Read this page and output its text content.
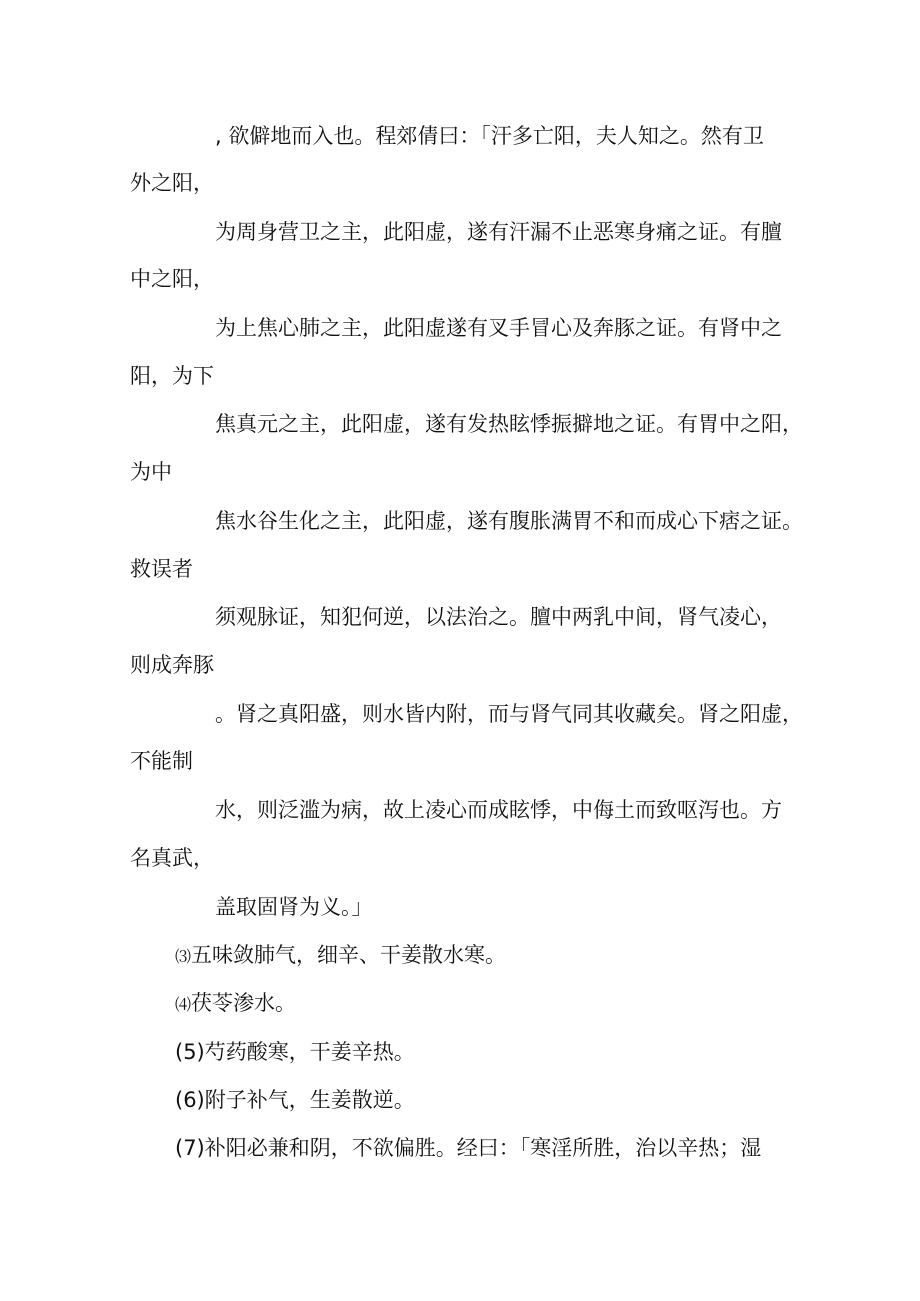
, 欲僻地而入也。程郊倩曰：「汗多亡阳，夫人知之。然有卫

外之阳，

为周身营卫之主，此阳虚，遂有汗漏不止恶寒身痛之证。有膻

中之阳，

为上焦心肺之主，此阳虚遂有叉手冒心及奔豚之证。有肾中之

阳，为下

焦真元之主，此阳虚，遂有发热眩悸振擗地之证。有胃中之阳，

为中

焦水谷生化之主，此阳虚，遂有腹胀满胃不和而成心下痞之证。

救误者

须观脉证，知犯何逆，以法治之。膻中两乳中间，肾气凌心，

则成奔豚

。肾之真阳盛，则水皆内附，而与肾气同其收藏矣。肾之阳虚，

不能制

水，则泛滥为病，故上凌心而成眩悸，中侮土而致呕泻也。方

名真武，

盖取固肾为义。」

⑶五味敛肺气，细辛、干姜散水寒。

⑷茯苓渗水。

(5)芍药酸寒，干姜辛热。

(6)附子补气，生姜散逆。

(7)补阳必兼和阴，不欲偏胜。经曰：「寒淫所胜，治以辛热；湿
